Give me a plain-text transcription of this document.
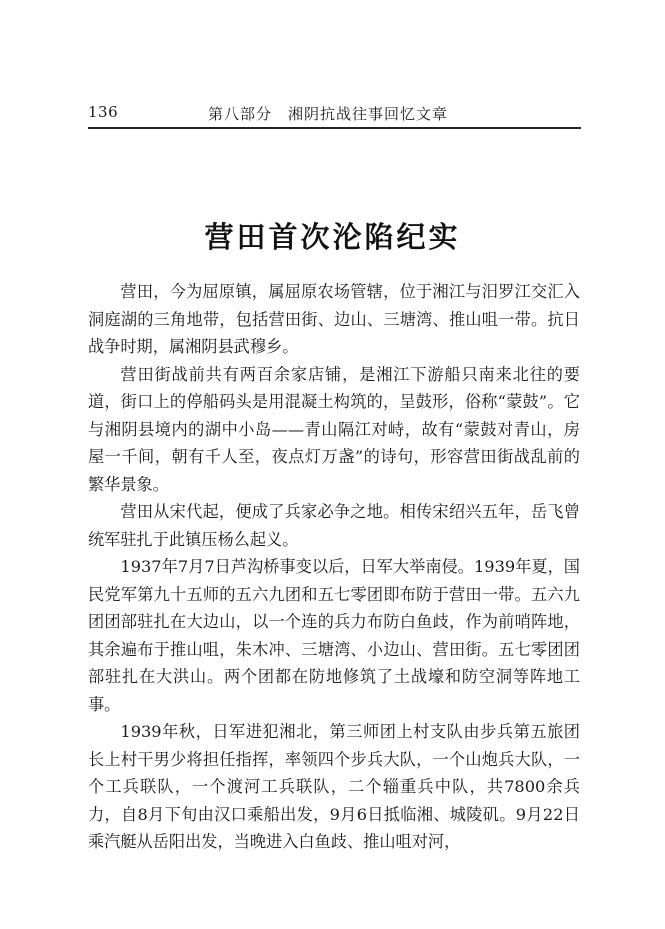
136	第八部分　湘阴抗战往事回忆文章
营田首次沦陷纪实

营田，今为屈原镇，属屈原农场管辖，位于湘江与汨罗江交汇入洞庭湖的三角地带，包括营田街、边山、三塘湾、推山咀一带。抗日战争时期，属湘阴县武穆乡。

营田街战前共有两百余家店铺，是湘江下游船只南来北往的要道，街口上的停船码头是用混凝土构筑的，呈鼓形，俗称“蒙鼓”。它与湘阴县境内的湖中小岛——青山隔江对峙，故有“蒙鼓对青山，房屋一千间，朝有千人至，夜点灯万盏”的诗句，形容营田街战乱前的繁华景象。

营田从宋代起，便成了兵家必争之地。相传宋绍兴五年，岳飞曾统军驻扎于此镇压杨么起义。

1937年7月7日芦沟桥事变以后，日军大举南侵。1939年夏，国民党军第九十五师的五六九团和五七零团即布防于营田一带。五六九团团部驻扎在大边山，以一个连的兵力布防白鱼歧，作为前哨阵地，其余遍布于推山咀，朱木冲、三塘湾、小边山、营田街。五七零团团部驻扎在大洪山。两个团都在防地修筑了土战壕和防空洞等阵地工事。

1939年秋，日军进犯湘北，第三师团上村支队由步兵第五旅团长上村干男少将担任指挥，率领四个步兵大队，一个山炮兵大队，一个工兵联队，一个渡河工兵联队，二个辎重兵中队，共7800余兵力，自8月下旬由汉口乘船出发，9月6日抵临湘、城陵矶。9月22日乘汽艇从岳阳出发，当晚进入白鱼歧、推山咀对河，
